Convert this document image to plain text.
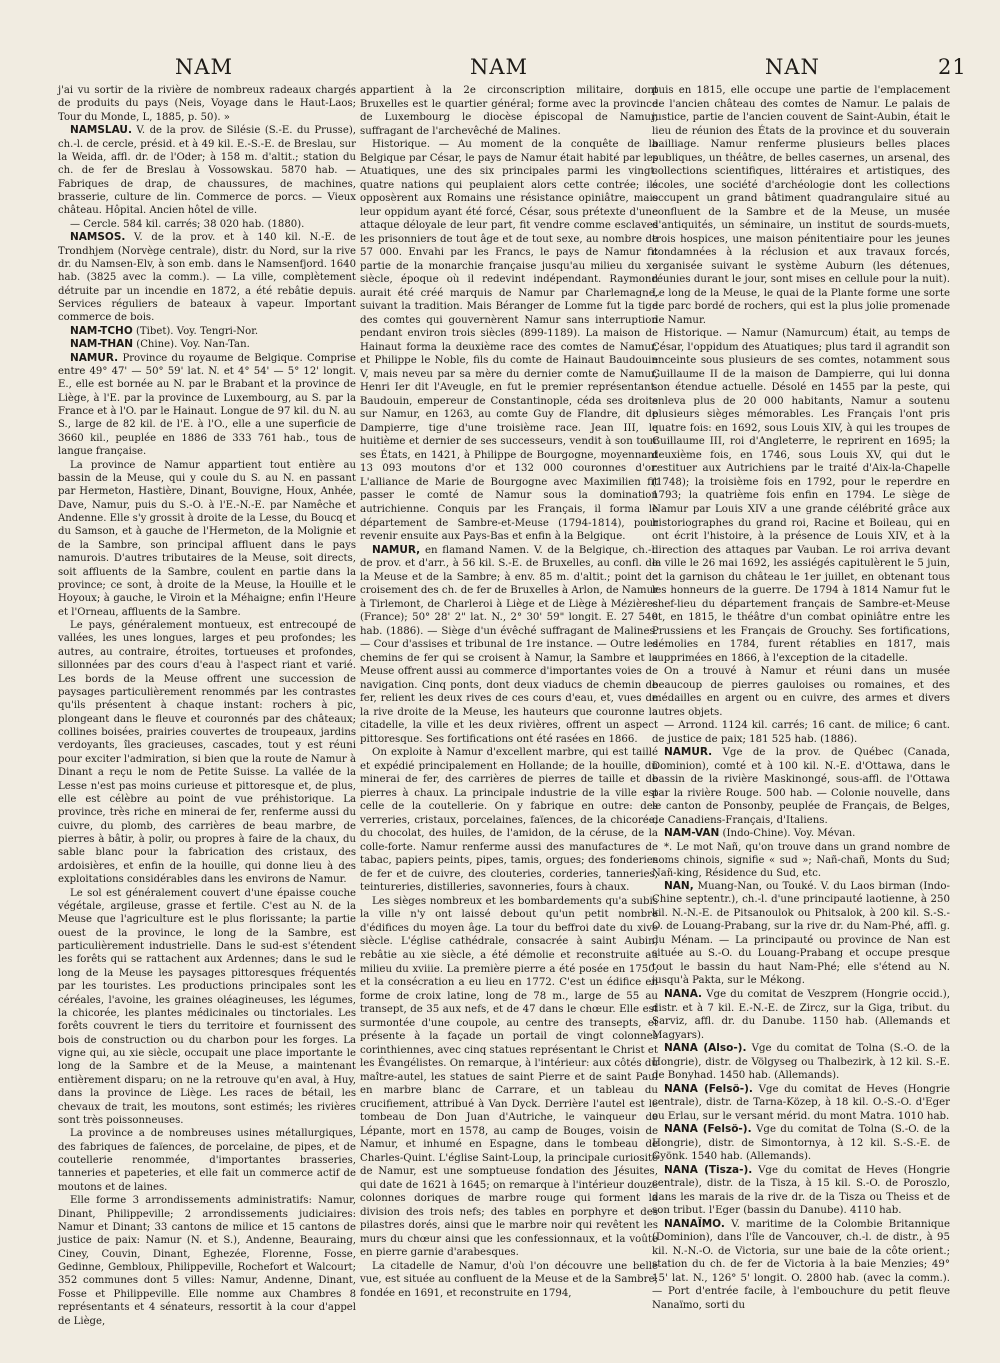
NAM	NAM	NAN	21

j'ai vu sortir de la rivière de nombreux radeaux chargés de produits du pays (Neis, Voyage dans le Haut-Laos; Tour du Monde, L, 1885, p. 50). »

NAMSLAU. V. de la prov. de Silésie (S.-E. du Prusse), ch.-l. de cercle, présid. et à 49 kil. E.-S.-E. de Breslau, sur la Weida, affl. dr. de l'Oder; à 158 m. d'altit.; station du ch. de fer de Breslau à Vossowskau. 5870 hab. — Fabriques de drap, de chaussures, de machines, brasserie, culture de lin. Commerce de porcs. — Vieux château. Hôpital. Ancien hôtel de ville.

— Cercle. 584 kil. carrés; 38 020 hab. (1880).

NAMSOS. V. de la prov. et à 140 kil. N.-E. de Trondhjem (Norvège centrale), distr. du Nord, sur la rive dr. du Namsen-Elv, à son emb. dans le Namsenfjord. 1640 hab. (3825 avec la comm.). — La ville, complètement détruite par un incendie en 1872, a été rebâtie depuis. Services réguliers de bateaux à vapeur. Important commerce de bois.

NAM-TCHO (Tibet). Voy. Tengri-Nor.

NAM-THAN (Chine). Voy. Nan-Tan.

NAMUR. Province du royaume de Belgique. Comprise entre 49° 47' — 50° 59' lat. N. et 4° 54' — 5° 12' longit. E., elle est bornée au N. par le Brabant et la province de Liège, à l'E. par la province de Luxembourg, au S. par la France et à l'O. par le Hainaut. Longue de 97 kil. du N. au S., large de 82 kil. de l'E. à l'O., elle a une superficie de 3660 kil., peuplée en 1886 de 333 761 hab., tous de langue française.

La province de Namur appartient tout entière au bassin de la Meuse, qui y coule du S. au N. en passant par Hermeton, Hastière, Dinant, Bouvigne, Houx, Anhée, Dave, Namur, puis du S.-O. à l'E.-N.-E. par Namêche et Andenne. Elle s'y grossit à droite de la Lesse, du Boucq et du Samson, et à gauche de l'Hermeton, de la Molignie et de la Sambre, son principal affluent dans le pays namurois. D'autres tributaires de la Meuse, soit directs, soit affluents de la Sambre, coulent en partie dans la province; ce sont, à droite de la Meuse, la Houille et le Hoyoux; à gauche, le Viroin et la Méhaigne; enfin l'Heure et l'Orneau, affluents de la Sambre.

Le pays, généralement montueux, est entrecoupé de vallées, les unes longues, larges et peu profondes; les autres, au contraire, étroites, tortueuses et profondes, sillonnées par des cours d'eau à l'aspect riant et varié. Les bords de la Meuse offrent une succession de paysages particulièrement renommés par les contrastes qu'ils présentent à chaque instant: rochers à pic, plongeant dans le fleuve et couronnés par des châteaux; collines boisées, prairies couvertes de troupeaux, jardins verdoyants, îles gracieuses, cascades, tout y est réuni pour exciter l'admiration, si bien que la route de Namur à Dinant a reçu le nom de Petite Suisse. La vallée de la Lesse n'est pas moins curieuse et pittoresque et, de plus, elle est célèbre au point de vue préhistorique. La province, très riche en minerai de fer, renferme aussi du cuivre, du plomb, des carrières de beau marbre, de pierres à bâtir, à polir, ou propres à faire de la chaux, du sable blanc pour la fabrication des cristaux, des ardoisières, et enfin de la houille, qui donne lieu à des exploitations considérables dans les environs de Namur.

Le sol est généralement couvert d'une épaisse couche végétale, argileuse, grasse et fertile. C'est au N. de la Meuse que l'agriculture est le plus florissante; la partie ouest de la province, le long de la Sambre, est particulièrement industrielle. Dans le sud-est s'étendent les forêts qui se rattachent aux Ardennes; dans le sud le long de la Meuse les paysages pittoresques fréquentés par les touristes. Les productions principales sont les céréales, l'avoine, les graines oléagineuses, les légumes, la chicorée, les plantes médicinales ou tinctoriales. Les forêts couvrent le tiers du territoire et fournissent des bois de construction ou du charbon pour les forges. La vigne qui, au xie siècle, occupait une place importante le long de la Sambre et de la Meuse, a maintenant entièrement disparu; on ne la retrouve qu'en aval, à Huy, dans la province de Liège. Les races de bétail, les chevaux de trait, les moutons, sont estimés; les rivières sont très poissonneuses.

La province a de nombreuses usines métallurgiques, des fabriques de faïences, de porcelaine, de pipes, et de coutellerie renommée, d'importantes brasseries, tanneries et papeteries, et elle fait un commerce actif de moutons et de laines.

Elle forme 3 arrondissements administratifs: Namur, Dinant, Philippeville; 2 arrondissements judiciaires: Namur et Dinant; 33 cantons de milice et 15 cantons de justice de paix: Namur (N. et S.), Andenne, Beauraing, Ciney, Couvin, Dinant, Eghezée, Florenne, Fosse, Gedinne, Gembloux, Philippeville, Rochefort et Walcourt; 352 communes dont 5 villes: Namur, Andenne, Dinant, Fosse et Philippeville. Elle nomme aux Chambres 8 représentants et 4 sénateurs, ressortit à la cour d'appel de Liège,

appartient à la 2e circonscription militaire, dont Bruxelles est le quartier général; forme avec la province de Luxembourg le diocèse épiscopal de Namur, suffragant de l'archevêché de Malines.

Historique. — Au moment de la conquête de la Belgique par César, le pays de Namur était habité par les Atuatiques, une des six principales parmi les vingt-quatre nations qui peuplaient alors cette contrée; ils opposèrent aux Romains une résistance opiniâtre, mais leur oppidum ayant été forcé, César, sous prétexte d'une attaque déloyale de leur part, fit vendre comme esclaves les prisonniers de tout âge et de tout sexe, au nombre de 57 000. Envahi par les Francs, le pays de Namur fit partie de la monarchie française jusqu'au milieu du xe siècle, époque où il redevint indépendant. Raymond aurait été créé marquis de Namur par Charlemagne, suivant la tradition. Mais Béranger de Lomme fut la tige des comtes qui gouvernèrent Namur sans interruption pendant environ trois siècles (899-1189). La maison de Hainaut forma la deuxième race des comtes de Namur, et Philippe le Noble, fils du comte de Hainaut Baudouin V, mais neveu par sa mère du dernier comte de Namur, Henri Ier dit l'Aveugle, en fut le premier représentant. Baudouin, empereur de Constantinople, céda ses droits sur Namur, en 1263, au comte Guy de Flandre, dit de Dampierre, tige d'une troisième race. Jean III, le huitième et dernier de ses successeurs, vendit à son tour ses États, en 1421, à Philippe de Bourgogne, moyennant 13 093 moutons d'or et 132 000 couronnes d'or. L'alliance de Marie de Bourgogne avec Maximilien fit passer le comté de Namur sous la domination autrichienne. Conquis par les Français, il forma le département de Sambre-et-Meuse (1794-1814), pour revenir ensuite aux Pays-Bas et enfin à la Belgique.

NAMUR, en flamand Namen. V. de la Belgique, ch.-l. de prov. et d'arr., à 56 kil. S.-E. de Bruxelles, au confl. de la Meuse et de la Sambre; à env. 85 m. d'altit.; point de croisement des ch. de fer de Bruxelles à Arlon, de Namur à Tirlemont, de Charleroi à Liège et de Liège à Mézières (France); 50° 28' 2" lat. N., 2° 30' 59" longit. E. 27 540 hab. (1886). — Siège d'un évêché suffragant de Malines. — Cour d'assises et tribunal de 1re instance. — Outre les chemins de fer qui se croisent à Namur, la Sambre et la Meuse offrent aussi au commerce d'importantes voies de navigation. Cinq ponts, dont deux viaducs de chemin de fer, relient les deux rives de ces cours d'eau, et, vues de la rive droite de la Meuse, les hauteurs que couronne la citadelle, la ville et les deux rivières, offrent un aspect pittoresque. Ses fortifications ont été rasées en 1866.

On exploite à Namur d'excellent marbre, qui est taillé et expédié principalement en Hollande; de la houille, du minerai de fer, des carrières de pierres de taille et de pierres à chaux. La principale industrie de la ville est celle de la coutellerie. On y fabrique en outre: des verreries, cristaux, porcelaines, faïences, de la chicorée, du chocolat, des huiles, de l'amidon, de la céruse, de la colle-forte. Namur renferme aussi des manufactures de tabac, papiers peints, pipes, tamis, orgues; des fonderies de fer et de cuivre, des clouteries, corderies, tanneries, teintureries, distilleries, savonneries, fours à chaux.

Les sièges nombreux et les bombardements qu'a subis la ville n'y ont laissé debout qu'un petit nombre d'édifices du moyen âge. La tour du beffroi date du xive siècle. L'église cathédrale, consacrée à saint Aubin, rebâtie au xie siècle, a été démolie et reconstruite au milieu du xviiie. La première pierre a été posée en 1750, et la consécration a eu lieu en 1772. C'est un édifice en forme de croix latine, long de 78 m., large de 55 au transept, de 35 aux nefs, et de 47 dans le chœur. Elle est surmontée d'une coupole, au centre des transepts, et présente à la façade un portail de vingt colonnes corinthiennes, avec cinq statues représentant le Christ et les Évangélistes. On remarque, à l'intérieur: aux côtés du maître-autel, les statues de saint Pierre et de saint Paul en marbre blanc de Carrare, et un tableau du crucifiement, attribué à Van Dyck. Derrière l'autel est le tombeau de Don Juan d'Autriche, le vainqueur de Lépante, mort en 1578, au camp de Bouges, voisin de Namur, et inhumé en Espagne, dans le tombeau de Charles-Quint. L'église Saint-Loup, la principale curiosité de Namur, est une somptueuse fondation des Jésuites, qui date de 1621 à 1645; on remarque à l'intérieur douze colonnes doriques de marbre rouge qui forment la division des trois nefs; des tables en porphyre et des pilastres dorés, ainsi que le marbre noir qui revêtent les murs du chœur ainsi que les confessionnaux, et la voûte en pierre garnie d'arabesques.

La citadelle de Namur, d'où l'on découvre une belle vue, est située au confluent de la Meuse et de la Sambre; fondée en 1691, et reconstruite en 1794,

puis en 1815, elle occupe une partie de l'emplacement de l'ancien château des comtes de Namur. Le palais de justice, partie de l'ancien couvent de Saint-Aubin, était le lieu de réunion des États de la province et du souverain bailliage. Namur renferme plusieurs belles places publiques, un théâtre, de belles casernes, un arsenal, des collections scientifiques, littéraires et artistiques, des écoles, une société d'archéologie dont les collections occupent un grand bâtiment quadrangulaire situé au confluent de la Sambre et de la Meuse, un musée d'antiquités, un séminaire, un institut de sourds-muets, trois hospices, une maison pénitentiaire pour les jeunes condamnées à la réclusion et aux travaux forcés, organisée suivant le système Auburn (les détenues, réunies durant le jour, sont mises en cellule pour la nuit). Le long de la Meuse, le quai de la Plante forme une sorte de parc bordé de rochers, qui est la plus jolie promenade de Namur.

Historique. — Namur (Namurcum) était, au temps de César, l'oppidum des Atuatiques; plus tard il agrandit son enceinte sous plusieurs de ses comtes, notamment sous Guillaume II de la maison de Dampierre, qui lui donna son étendue actuelle. Désolé en 1455 par la peste, qui enleva plus de 20 000 habitants, Namur a soutenu plusieurs sièges mémorables. Les Français l'ont pris quatre fois: en 1692, sous Louis XIV, à qui les troupes de Guillaume III, roi d'Angleterre, le reprirent en 1695; la deuxième fois, en 1746, sous Louis XV, qui dut le restituer aux Autrichiens par le traité d'Aix-la-Chapelle (1748); la troisième fois en 1792, pour le reperdre en 1793; la quatrième fois enfin en 1794. Le siège de Namur par Louis XIV a une grande célébrité grâce aux historiographes du grand roi, Racine et Boileau, qui en ont écrit l'histoire, à la présence de Louis XIV, et à la direction des attaques par Vauban. Le roi arriva devant la ville le 26 mai 1692, les assiégés capitulèrent le 5 juin, et la garnison du château le 1er juillet, en obtenant tous les honneurs de la guerre. De 1794 à 1814 Namur fut le chef-lieu du département français de Sambre-et-Meuse et, en 1815, le théâtre d'un combat opiniâtre entre les Prussiens et les Français de Grouchy. Ses fortifications, démolies en 1784, furent rétablies en 1817, mais supprimées en 1866, à l'exception de la citadelle.

On a trouvé à Namur et réuni dans un musée beaucoup de pierres gauloises ou romaines, et des médailles en argent ou en cuivre, des armes et divers autres objets.

— Arrond. 1124 kil. carrés; 16 cant. de milice; 6 cant. de justice de paix; 181 525 hab. (1886).

NAMUR. Vge de la prov. de Québec (Canada, Dominion), comté et à 100 kil. N.-E. d'Ottawa, dans le bassin de la rivière Maskinongé, sous-affl. de l'Ottawa par la rivière Rouge. 500 hab. — Colonie nouvelle, dans le canton de Ponsonby, peuplée de Français, de Belges, de Canadiens-Français, d'Italiens.

NAM-VAN (Indo-Chine). Voy. Mévan.

*. Le mot Nañ, qu'on trouve dans un grand nombre de noms chinois, signifie « sud »; Nañ-chañ, Monts du Sud; Nañ-king, Résidence du Sud, etc.

NAN, Muang-Nan, ou Touké. V. du Laos birman (Indo-Chine septentr.), ch.-l. d'une principauté laotienne, à 250 kil. N.-N.-E. de Pitsanoulok ou Phitsalok, à 200 kil. S.-S.-O. de Louang-Prabang, sur la rive dr. du Nam-Phé, affl. g. du Ménam. — La principauté ou province de Nan est située au S.-O. du Louang-Prabang et occupe presque tout le bassin du haut Nam-Phé; elle s'étend au N. jusqu'à Pakta, sur le Mékong.

NANA. Vge du comitat de Veszprem (Hongrie occid.), distr. et à 7 kil. E.-N.-E. de Zircz, sur la Giga, tribut. du Sarviz, affl. dr. du Danube. 1150 hab. (Allemands et Magyars).

NANA (Also-). Vge du comitat de Tolna (S.-O. de la Hongrie), distr. de Völgyseg ou Thalbezirk, à 12 kil. S.-E. de Bonyhad. 1450 hab. (Allemands).

NANA (Felsö-). Vge du comitat de Heves (Hongrie centrale), distr. de Tarna-Közep, à 18 kil. O.-S.-O. d'Eger ou Erlau, sur le versant mérid. du mont Matra. 1010 hab.

NANA (Felsö-). Vge du comitat de Tolna (S.-O. de la Hongrie), distr. de Simontornya, à 12 kil. S.-S.-E. de Gyönk. 1540 hab. (Allemands).

NANA (Tisza-). Vge du comitat de Heves (Hongrie centrale), distr. de la Tisza, à 15 kil. S.-O. de Poroszlo, dans les marais de la rive dr. de la Tisza ou Theiss et de son tribut. l'Eger (bassin du Danube). 4110 hab.

NANAÏMO. V. maritime de la Colombie Britannique (Dominion), dans l'île de Vancouver, ch.-l. de distr., à 95 kil. N.-N.-O. de Victoria, sur une baie de la côte orient.; station du ch. de fer de Victoria à la baie Menzies; 49° 15' lat. N., 126° 5' longit. O. 2800 hab. (avec la comm.). — Port d'entrée facile, à l'embouchure du petit fleuve Nanaïmo, sorti du
